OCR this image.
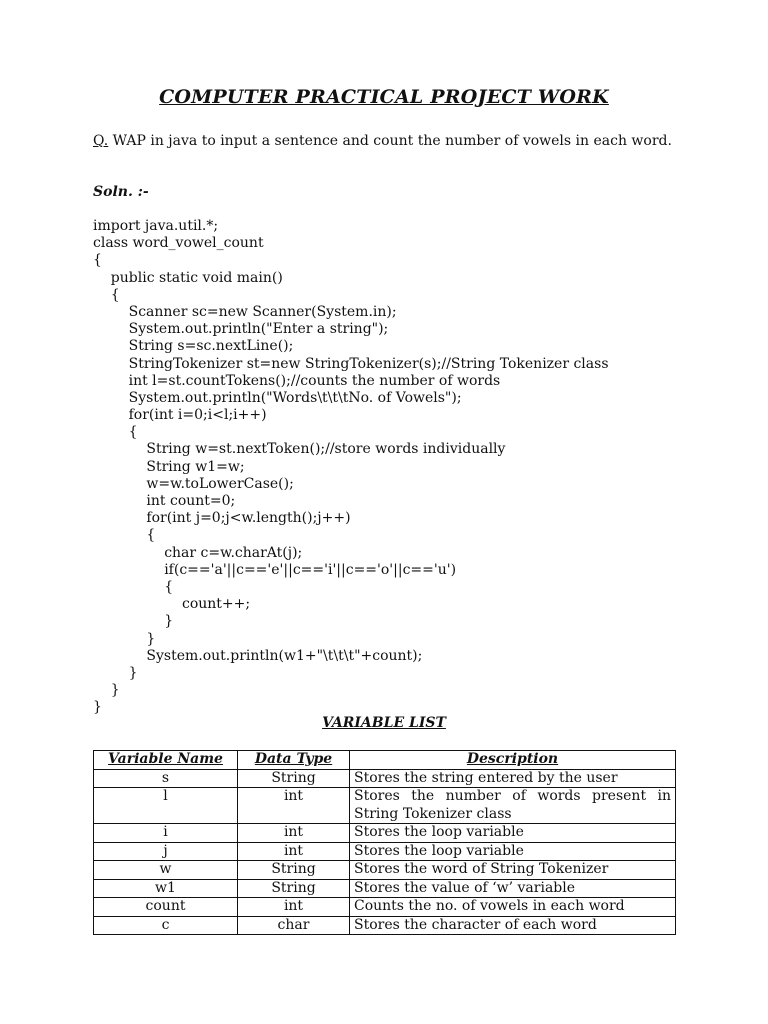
COMPUTER PRACTICAL PROJECT WORK
Q. WAP in java to input a sentence and count the number of vowels in each word.
Soln. :-
import java.util.*;
class word_vowel_count
{
public static void main()
{
Scanner sc=new Scanner(System.in);
System.out.println("Enter a string");
String s=sc.nextLine();
StringTokenizer st=new StringTokenizer(s);//String Tokenizer class
int l=st.countTokens();//counts the number of words
System.out.println("Words\t\t\tNo. of Vowels");
for(int i=0;i<l;i++)
{
String w=st.nextToken();//store words individually
String w1=w;
w=w.toLowerCase();
int count=0;
for(int j=0;j<w.length();j++)
{
char c=w.charAt(j);
if(c=='a'||c=='e'||c=='i'||c=='o'||c=='u')
{
count++;
}
}
System.out.println(w1+"\t\t\t"+count);
}
}
}
VARIABLE LIST
Variable Name	Data Type	Description
s	String	Stores the string entered by the user
l	int	Stores the number of words present in String Tokenizer class
i	int	Stores the loop variable
j	int	Stores the loop variable
w	String	Stores the word of String Tokenizer
w1	String	Stores the value of ‘w’ variable
count	int	Counts the no. of vowels in each word
c	char	Stores the character of each word
